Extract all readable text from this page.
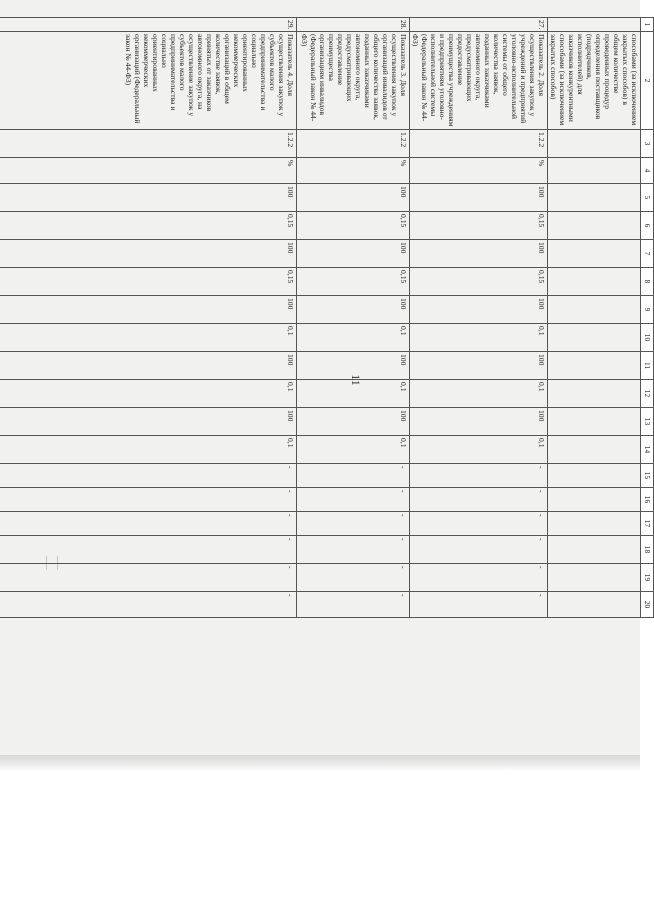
11
1	2	3	4	5	6	7	8	9	10	11	12	13	14	15	16	17	18	19	20
	способами (за исключением закрытых способов) в общем количестве проведенных процедур определения поставщиков (подрядчиков, исполнителей) для заказчиков конкурентными способами (за исключением закрытых способов)																		
27.	Показатель 2. Доля осуществления закупок у учреждений и предприятий уголовно-исполнительной системы от общего количества заявок, поданных заказчиками автономного округа, предусматривающих предоставление преимущества учреждениям и предприятиям уголовно-исполнительной системы (Федеральный закон № 44-ФЗ)	1.2.2	%	100	0,15	100	0,15	100	0,1	100	0,1	100	0,1	-	-	-	-	-	-
28.	Показатель 3. Доля осуществления закупок у организаций инвалидов от общего количества заявок, поданных заказчиками автономного округа, предусматривающих предоставление преимущества организациям инвалидов (Федеральный закон № 44-ФЗ)	1.2.2	%	100	0,15	100	0,15	100	0,1	100	0,1	100	0,1	-	-	-	-	-	-
29.	Показатель 4. Доля осуществления закупок у субъектов малого предпринимательства и социально ориентированных некоммерческих организаций в общем количестве заявок, принятых от заказчиков автономного округа, на осуществление закупок у субъектов малого предпринимательства и социально ориентированных некоммерческих организаций (Федеральный закон № 44-ФЗ)	1.2.2	%	100	0,15	100	0,15	100	0,1	100	0,1	100	0,1	-	-	-	-	-	-
